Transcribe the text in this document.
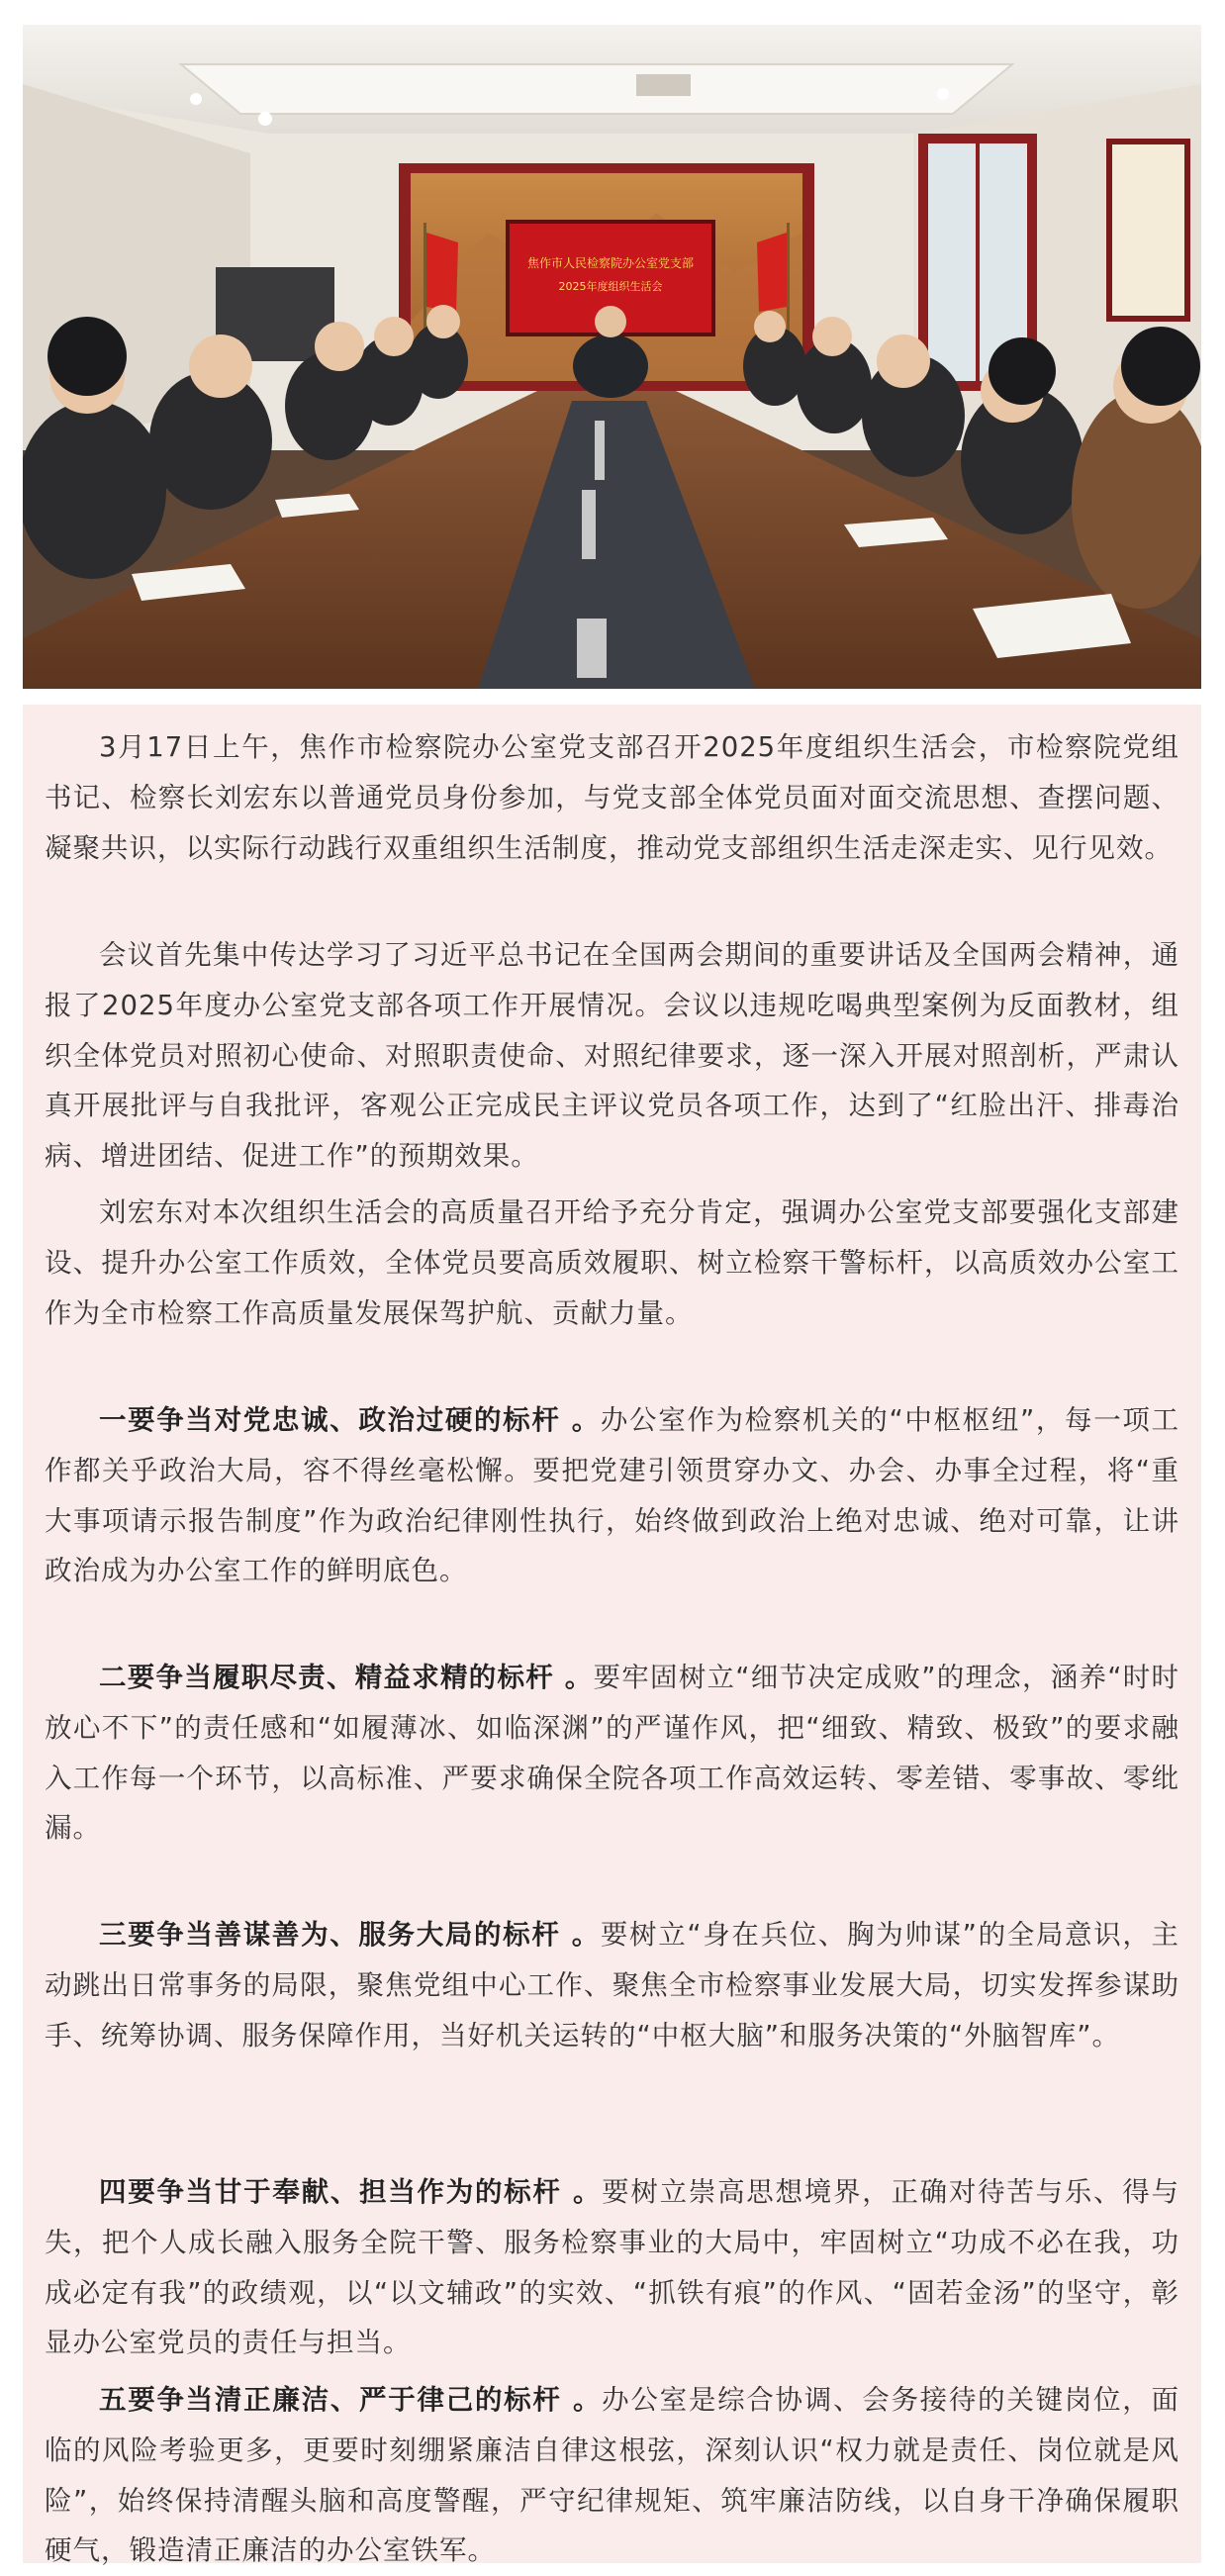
焦作市人民检察院办公室党支部
2025年度组织生活会

3月17日上午，焦作市检察院办公室党支部召开2025年度组织生活会，市检察院党组书记、检察长刘宏东以普通党员身份参加，与党支部全体党员面对面交流思想、查摆问题、凝聚共识，以实际行动践行双重组织生活制度，推动党支部组织生活走深走实、见行见效。

会议首先集中传达学习了习近平总书记在全国两会期间的重要讲话及全国两会精神，通报了2025年度办公室党支部各项工作开展情况。会议以违规吃喝典型案例为反面教材，组织全体党员对照初心使命、对照职责使命、对照纪律要求，逐一深入开展对照剖析，严肃认真开展批评与自我批评，客观公正完成民主评议党员各项工作，达到了“红脸出汗、排毒治病、增进团结、促进工作”的预期效果。

刘宏东对本次组织生活会的高质量召开给予充分肯定，强调办公室党支部要强化支部建设、提升办公室工作质效，全体党员要高质效履职、树立检察干警标杆，以高质效办公室工作为全市检察工作高质量发展保驾护航、贡献力量。

一要争当对党忠诚、政治过硬的标杆 。办公室作为检察机关的“中枢枢纽”，每一项工作都关乎政治大局，容不得丝毫松懈。要把党建引领贯穿办文、办会、办事全过程，将“重大事项请示报告制度”作为政治纪律刚性执行，始终做到政治上绝对忠诚、绝对可靠，让讲政治成为办公室工作的鲜明底色。

二要争当履职尽责、精益求精的标杆 。要牢固树立“细节决定成败”的理念，涵养“时时放心不下”的责任感和“如履薄冰、如临深渊”的严谨作风，把“细致、精致、极致”的要求融入工作每一个环节，以高标准、严要求确保全院各项工作高效运转、零差错、零事故、零纰漏。

三要争当善谋善为、服务大局的标杆 。要树立“身在兵位、胸为帅谋”的全局意识，主动跳出日常事务的局限，聚焦党组中心工作、聚焦全市检察事业发展大局，切实发挥参谋助手、统筹协调、服务保障作用，当好机关运转的“中枢大脑”和服务决策的“外脑智库”。

四要争当甘于奉献、担当作为的标杆 。要树立崇高思想境界，正确对待苦与乐、得与失，把个人成长融入服务全院干警、服务检察事业的大局中，牢固树立“功成不必在我，功成必定有我”的政绩观，以“以文辅政”的实效、“抓铁有痕”的作风、“固若金汤”的坚守，彰显办公室党员的责任与担当。

五要争当清正廉洁、严于律己的标杆 。办公室是综合协调、会务接待的关键岗位，面临的风险考验更多，更要时刻绷紧廉洁自律这根弦，深刻认识“权力就是责任、岗位就是风险”，始终保持清醒头脑和高度警醒，严守纪律规矩、筑牢廉洁防线，以自身干净确保履职硬气，锻造清正廉洁的办公室铁军。
